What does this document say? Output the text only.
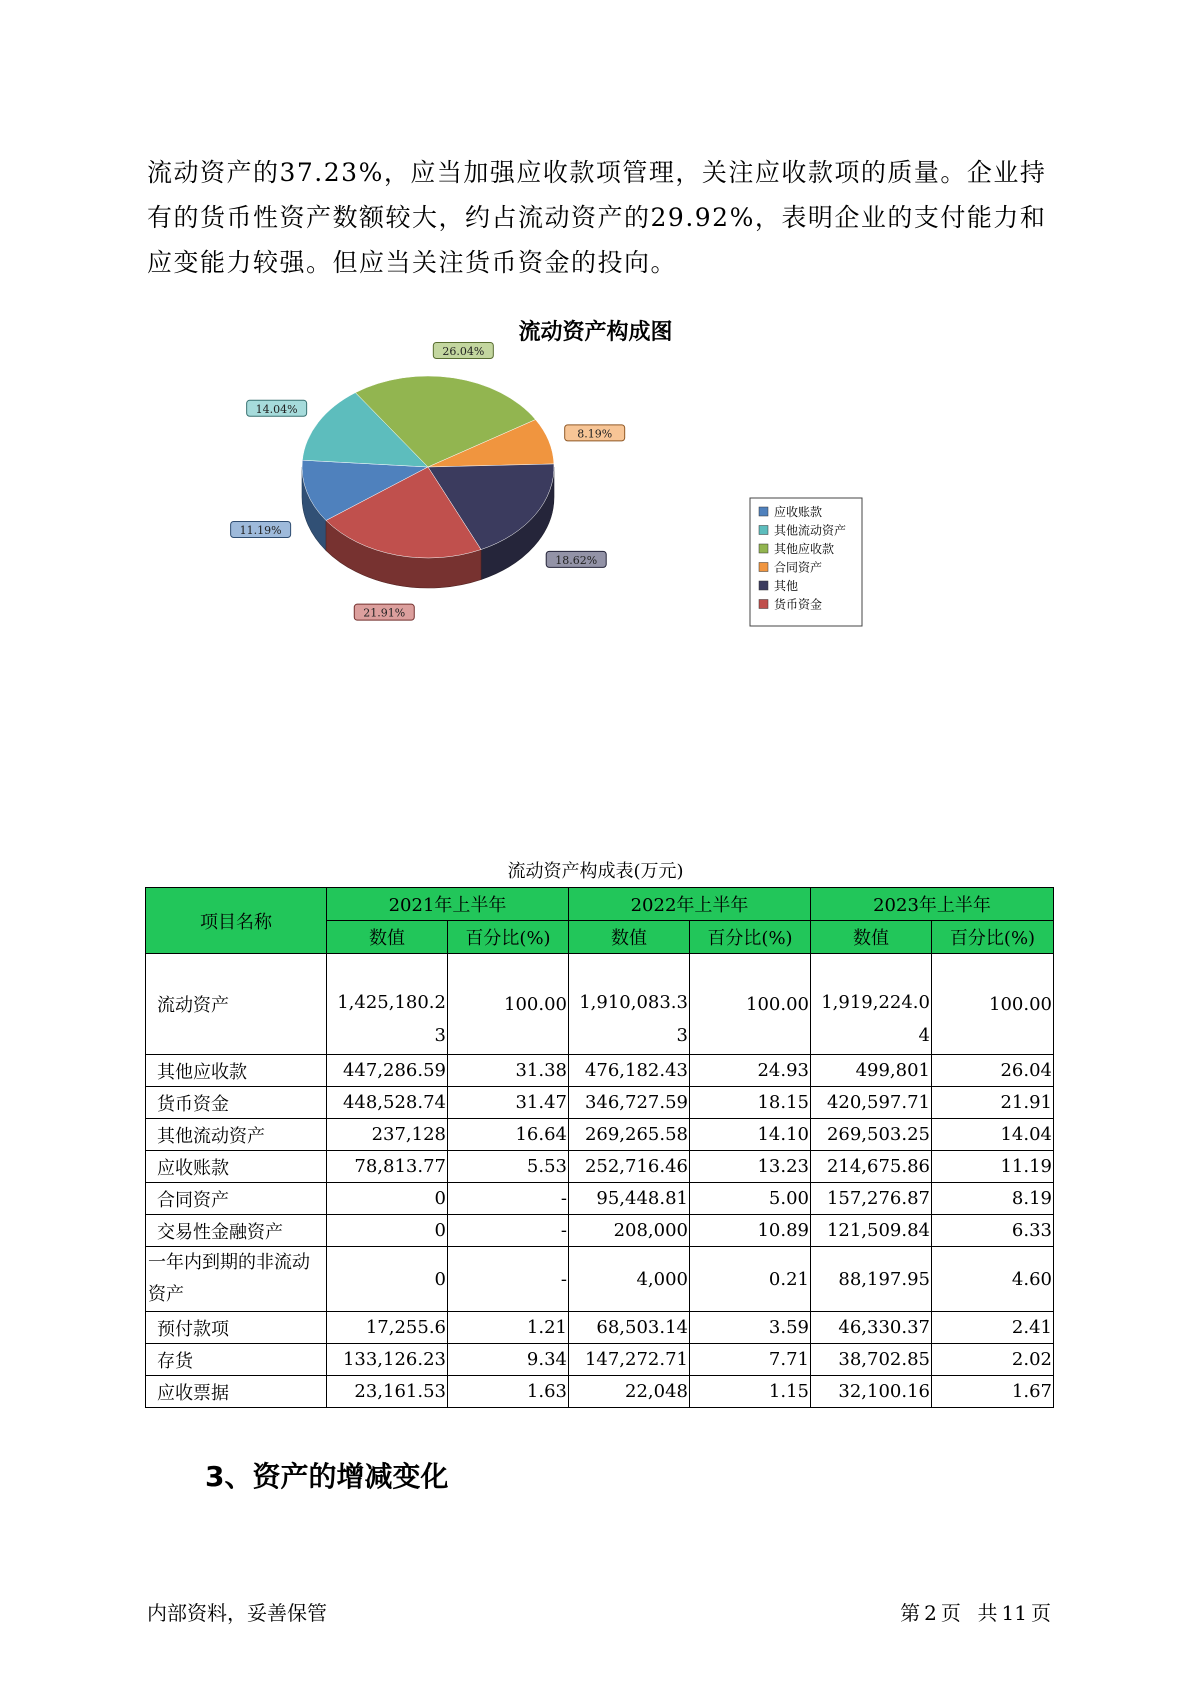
流动资产的37.23%，应当加强应收款项管理，关注应收款项的质量。企业持有的货币性资产数额较大，约占流动资产的29.92%，表明企业的支付能力和应变能力较强。但应当关注货币资金的投向。

流动资产构成图
11.19%
14.04%
26.04%
8.19%
18.62%
21.91%
应收账款
其他流动资产
其他应收款
合同资产
其他
货币资金
流动资产构成表(万元)
项目名称	2021年上半年		2022年上半年		2023年上半年	
	数值	百分比(%)	数值	百分比(%)	数值	百分比(%)
流动资产	1,425,180.23	100.00	1,910,083.33	100.00	1,919,224.04	100.00
其他应收款	447,286.59	31.38	476,182.43	24.93	499,801	26.04
货币资金	448,528.74	31.47	346,727.59	18.15	420,597.71	21.91
其他流动资产	237,128	16.64	269,265.58	14.10	269,503.25	14.04
应收账款	78,813.77	5.53	252,716.46	13.23	214,675.86	11.19
合同资产	0	-	95,448.81	5.00	157,276.87	8.19
交易性金融资产	0	-	208,000	10.89	121,509.84	6.33
一年内到期的非流动资产	0	-	4,000	0.21	88,197.95	4.60
预付款项	17,255.6	1.21	68,503.14	3.59	46,330.37	2.41
存货	133,126.23	9.34	147,272.71	7.71	38,702.85	2.02
应收票据	23,161.53	1.63	22,048	1.15	32,100.16	1.67
3、资产的增减变化
内部资料，妥善保管	第 2 页 共 11 页
